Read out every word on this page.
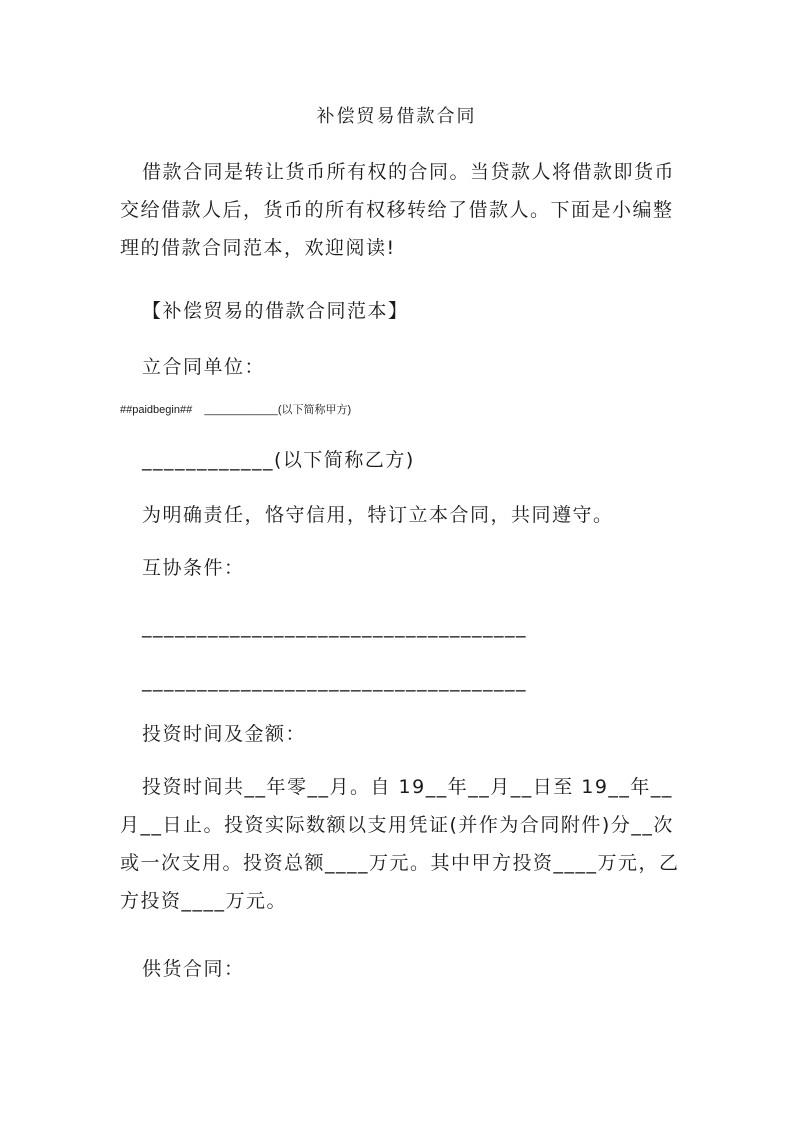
补偿贸易借款合同
借款合同是转让货币所有权的合同。当贷款人将借款即货币交给借款人后，货币的所有权移转给了借款人。下面是小编整理的借款合同范本，欢迎阅读!
【补偿贸易的借款合同范本】
立合同单位：
##paidbegin##    ____________(以下简称甲方)
____________(以下简称乙方)
为明确责任，恪守信用，特订立本合同，共同遵守。
互协条件：
___________________________________
___________________________________
投资时间及金额：
投资时间共__年零__月。自 19__年__月__日至 19__年__月__日止。投资实际数额以支用凭证(并作为合同附件)分__次或一次支用。投资总额____万元。其中甲方投资____万元，乙方投资____万元。
供货合同：
